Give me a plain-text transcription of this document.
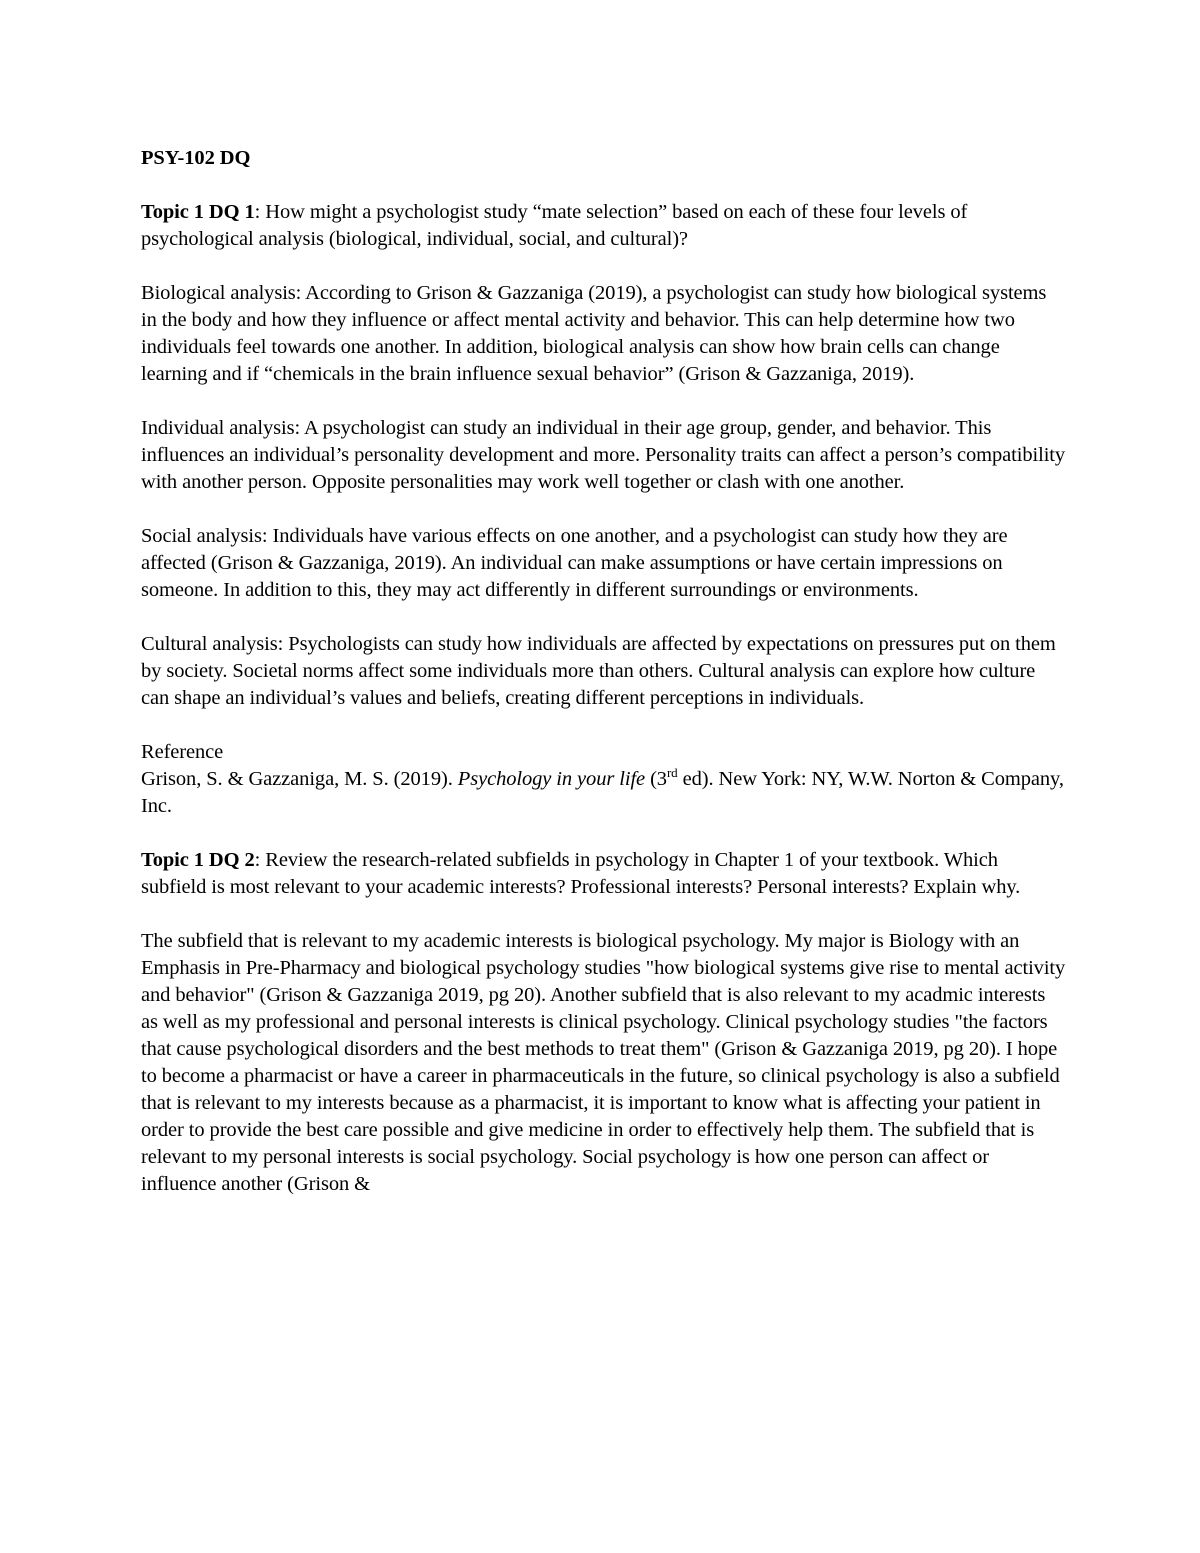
PSY-102 DQ

Topic 1 DQ 1: How might a psychologist study “mate selection” based on each of these four levels of psychological analysis (biological, individual, social, and cultural)?

Biological analysis: According to Grison & Gazzaniga (2019), a psychologist can study how biological systems in the body and how they influence or affect mental activity and behavior. This can help determine how two individuals feel towards one another. In addition, biological analysis can show how brain cells can change learning and if “chemicals in the brain influence sexual behavior” (Grison & Gazzaniga, 2019).

Individual analysis: A psychologist can study an individual in their age group, gender, and behavior. This influences an individual’s personality development and more. Personality traits can affect a person’s compatibility with another person. Opposite personalities may work well together or clash with one another.

Social analysis: Individuals have various effects on one another, and a psychologist can study how they are affected (Grison & Gazzaniga, 2019). An individual can make assumptions or have certain impressions on someone. In addition to this, they may act differently in different surroundings or environments.

Cultural analysis: Psychologists can study how individuals are affected by expectations on pressures put on them by society. Societal norms affect some individuals more than others. Cultural analysis can explore how culture can shape an individual’s values and beliefs, creating different perceptions in individuals.

Reference
Grison, S. & Gazzaniga, M. S. (2019). Psychology in your life (3rd ed). New York: NY, W.W. Norton & Company, Inc.

Topic 1 DQ 2: Review the research-related subfields in psychology in Chapter 1 of your textbook. Which subfield is most relevant to your academic interests? Professional interests? Personal interests? Explain why.

The subfield that is relevant to my academic interests is biological psychology. My major is Biology with an Emphasis in Pre-Pharmacy and biological psychology studies "how biological systems give rise to mental activity and behavior" (Grison & Gazzaniga 2019, pg 20). Another subfield that is also relevant to my acadmic interests as well as my professional and personal interests is clinical psychology. Clinical psychology studies "the factors that cause psychological disorders and the best methods to treat them" (Grison & Gazzaniga 2019, pg 20). I hope to become a pharmacist or have a career in pharmaceuticals in the future, so clinical psychology is also a subfield that is relevant to my interests because as a pharmacist, it is important to know what is affecting your patient in order to provide the best care possible and give medicine in order to effectively help them. The subfield that is relevant to my personal interests is social psychology. Social psychology is how one person can affect or influence another (Grison &
